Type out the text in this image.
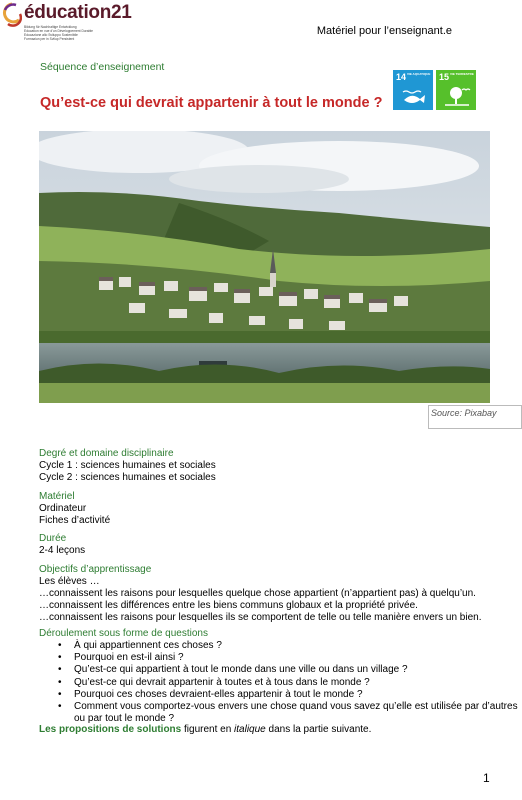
éducation21
Bildung für Nachhaltige Entwicklung
Education en vue d'un Développement Durable
Educazione allo Sviluppo Sostenibile
Furmaziun per in Svilup Persistent
Matériel pour l’enseignant.e
Séquence d’enseignement
Qu’est-ce qui devrait appartenir à tout le monde ?
14 VIE AQUATIQUE 15 VIE TERRESTRE
Source: Pixabay
Degré et domaine disciplinaire
Cycle 1 : sciences humaines et sociales
Cycle 2 : sciences humaines et sociales
Matériel
Ordinateur
Fiches d’activité
Durée
2-4 leçons
Objectifs d’apprentissage
Les élèves …
…connaissent les raisons pour lesquelles quelque chose appartient (n’appartient pas) à quelqu’un.
…connaissent les différences entre les biens communs globaux et la propriété privée.
…connaissent les raisons pour lesquelles ils se comportent de telle ou telle manière envers un bien.
Déroulement sous forme de questions
• À qui appartiennent ces choses ?
• Pourquoi en est-il ainsi ?
• Qu’est-ce qui appartient à tout le monde dans une ville ou dans un village ?
• Qu’est-ce qui devrait appartenir à toutes et à tous dans le monde ?
• Pourquoi ces choses devraient-elles appartenir à tout le monde ?
• Comment vous comportez-vous envers une chose quand vous savez qu’elle est utilisée par d’autres ou par tout le monde ?
Les propositions de solutions figurent en italique dans la partie suivante.
1
